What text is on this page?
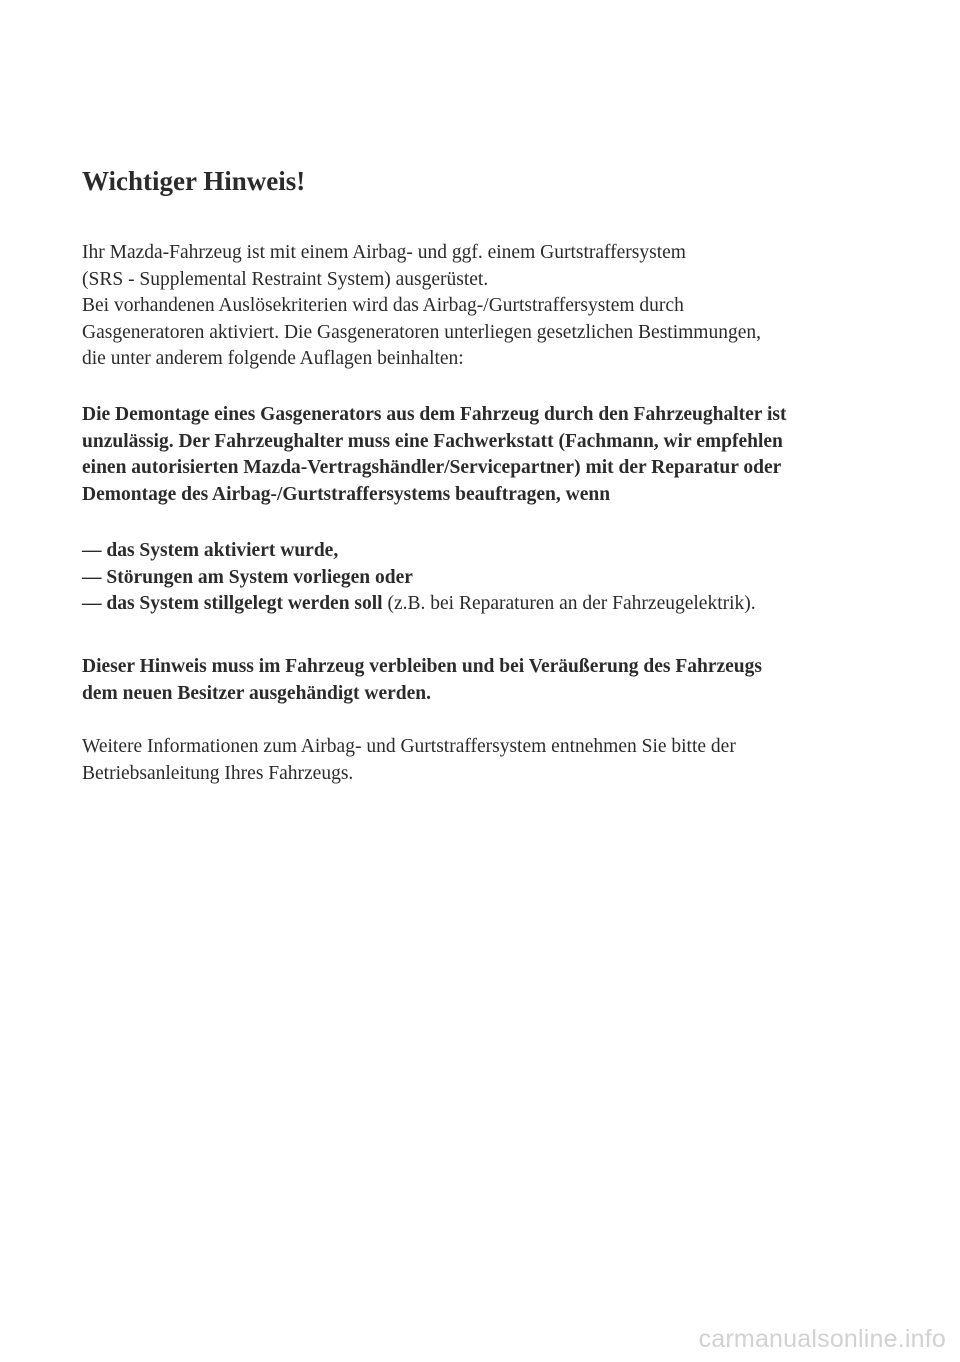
Wichtiger Hinweis!

Ihr Mazda-Fahrzeug ist mit einem Airbag- und ggf. einem Gurtstraffersystem
(SRS - Supplemental Restraint System) ausgerüstet.
Bei vorhandenen Auslösekriterien wird das Airbag-/Gurtstraffersystem durch
Gasgeneratoren aktiviert. Die Gasgeneratoren unterliegen gesetzlichen Bestimmungen,
die unter anderem folgende Auflagen beinhalten:

Die Demontage eines Gasgenerators aus dem Fahrzeug durch den Fahrzeughalter ist
unzulässig. Der Fahrzeughalter muss eine Fachwerkstatt (Fachmann, wir empfehlen
einen autorisierten Mazda-Vertragshändler/Servicepartner) mit der Reparatur oder
Demontage des Airbag-/Gurtstraffersystems beauftragen, wenn

— das System aktiviert wurde,
— Störungen am System vorliegen oder
— das System stillgelegt werden soll (z.B. bei Reparaturen an der Fahrzeugelektrik).

Dieser Hinweis muss im Fahrzeug verbleiben und bei Veräußerung des Fahrzeugs
dem neuen Besitzer ausgehändigt werden.

Weitere Informationen zum Airbag- und Gurtstraffersystem entnehmen Sie bitte der
Betriebsanleitung Ihres Fahrzeugs.

carmanualsonline.info
